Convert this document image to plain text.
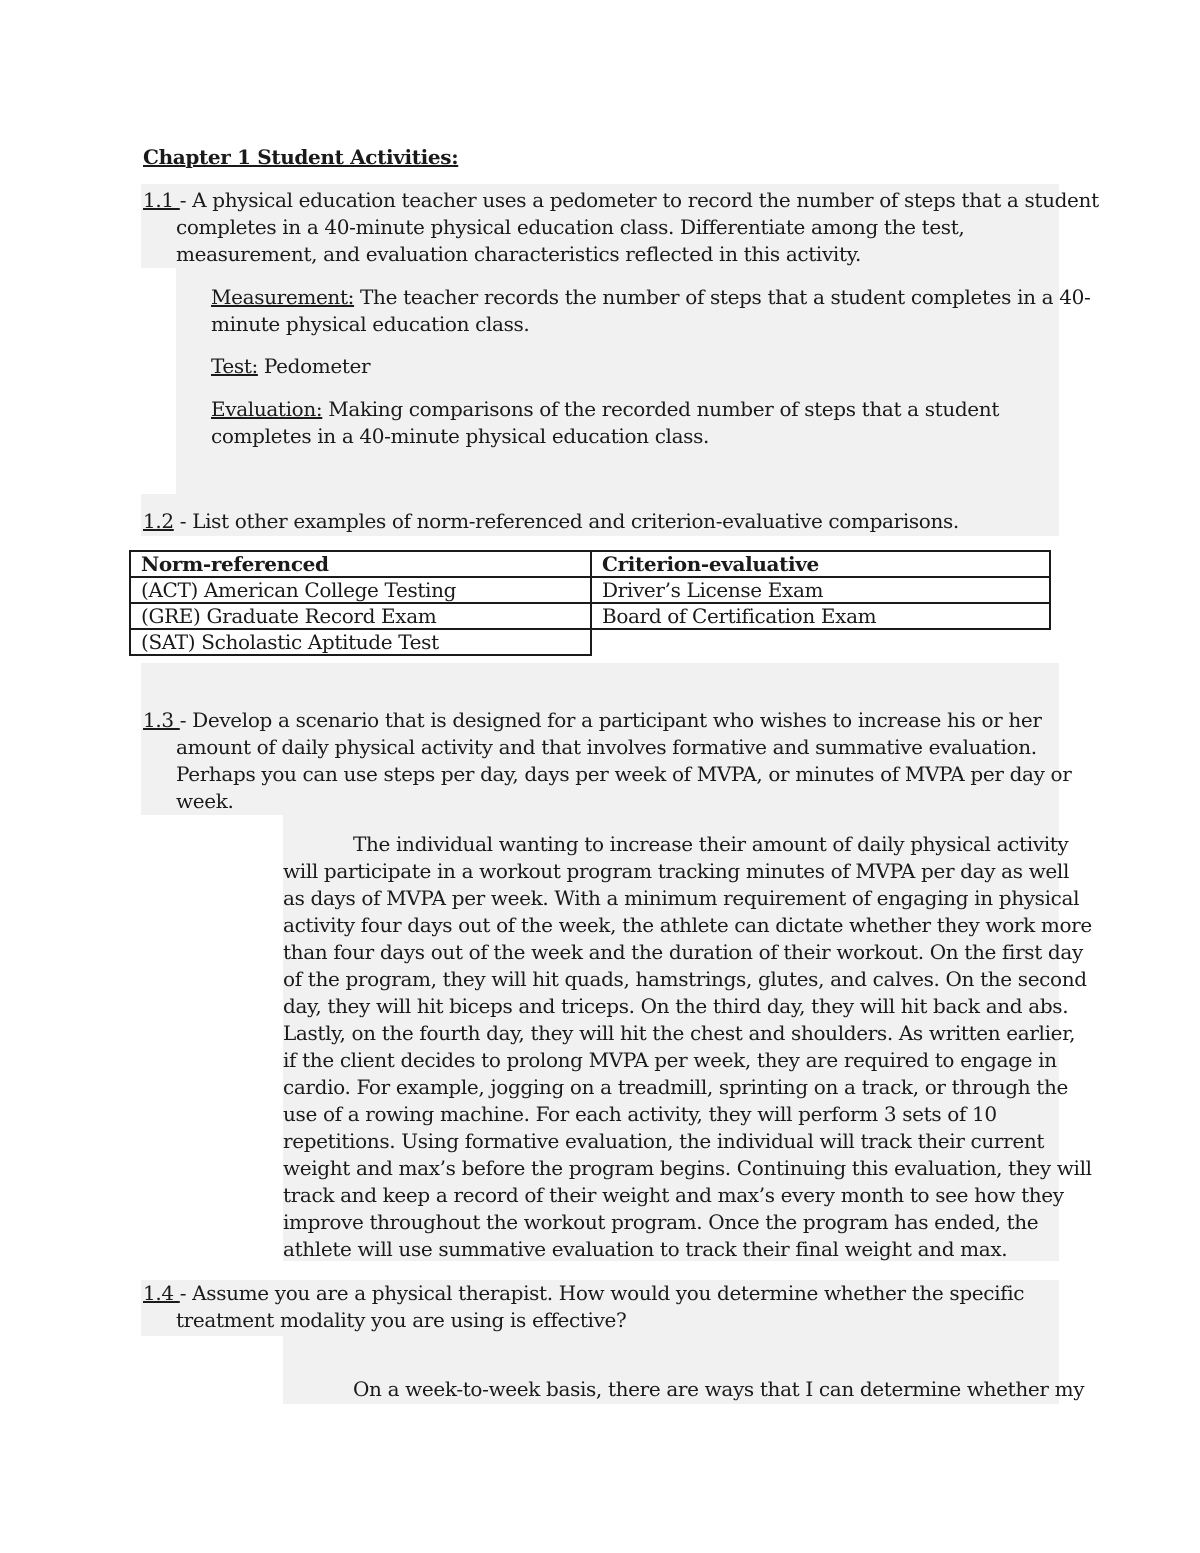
Chapter 1 Student Activities:
1.1 - A physical education teacher uses a pedometer to record the number of steps that a student
completes in a 40-minute physical education class. Differentiate among the test,
measurement, and evaluation characteristics reflected in this activity.
Measurement: The teacher records the number of steps that a student completes in a 40-
minute physical education class.
Test: Pedometer
Evaluation: Making comparisons of the recorded number of steps that a student
completes in a 40-minute physical education class.
1.2 - List other examples of norm-referenced and criterion-evaluative comparisons.
Norm-referenced	Criterion-evaluative
(ACT) American College Testing	Driver’s License Exam
(GRE) Graduate Record Exam	Board of Certification Exam
(SAT) Scholastic Aptitude Test	
1.3 - Develop a scenario that is designed for a participant who wishes to increase his or her
amount of daily physical activity and that involves formative and summative evaluation.
Perhaps you can use steps per day, days per week of MVPA, or minutes of MVPA per day or
week.
The individual wanting to increase their amount of daily physical activity
will participate in a workout program tracking minutes of MVPA per day as well
as days of MVPA per week. With a minimum requirement of engaging in physical
activity four days out of the week, the athlete can dictate whether they work more
than four days out of the week and the duration of their workout. On the first day
of the program, they will hit quads, hamstrings, glutes, and calves. On the second
day, they will hit biceps and triceps. On the third day, they will hit back and abs.
Lastly, on the fourth day, they will hit the chest and shoulders. As written earlier,
if the client decides to prolong MVPA per week, they are required to engage in
cardio. For example, jogging on a treadmill, sprinting on a track, or through the
use of a rowing machine. For each activity, they will perform 3 sets of 10
repetitions. Using formative evaluation, the individual will track their current
weight and max’s before the program begins. Continuing this evaluation, they will
track and keep a record of their weight and max’s every month to see how they
improve throughout the workout program. Once the program has ended, the
athlete will use summative evaluation to track their final weight and max.
1.4 - Assume you are a physical therapist. How would you determine whether the specific
treatment modality you are using is effective?
On a week-to-week basis, there are ways that I can determine whether my
